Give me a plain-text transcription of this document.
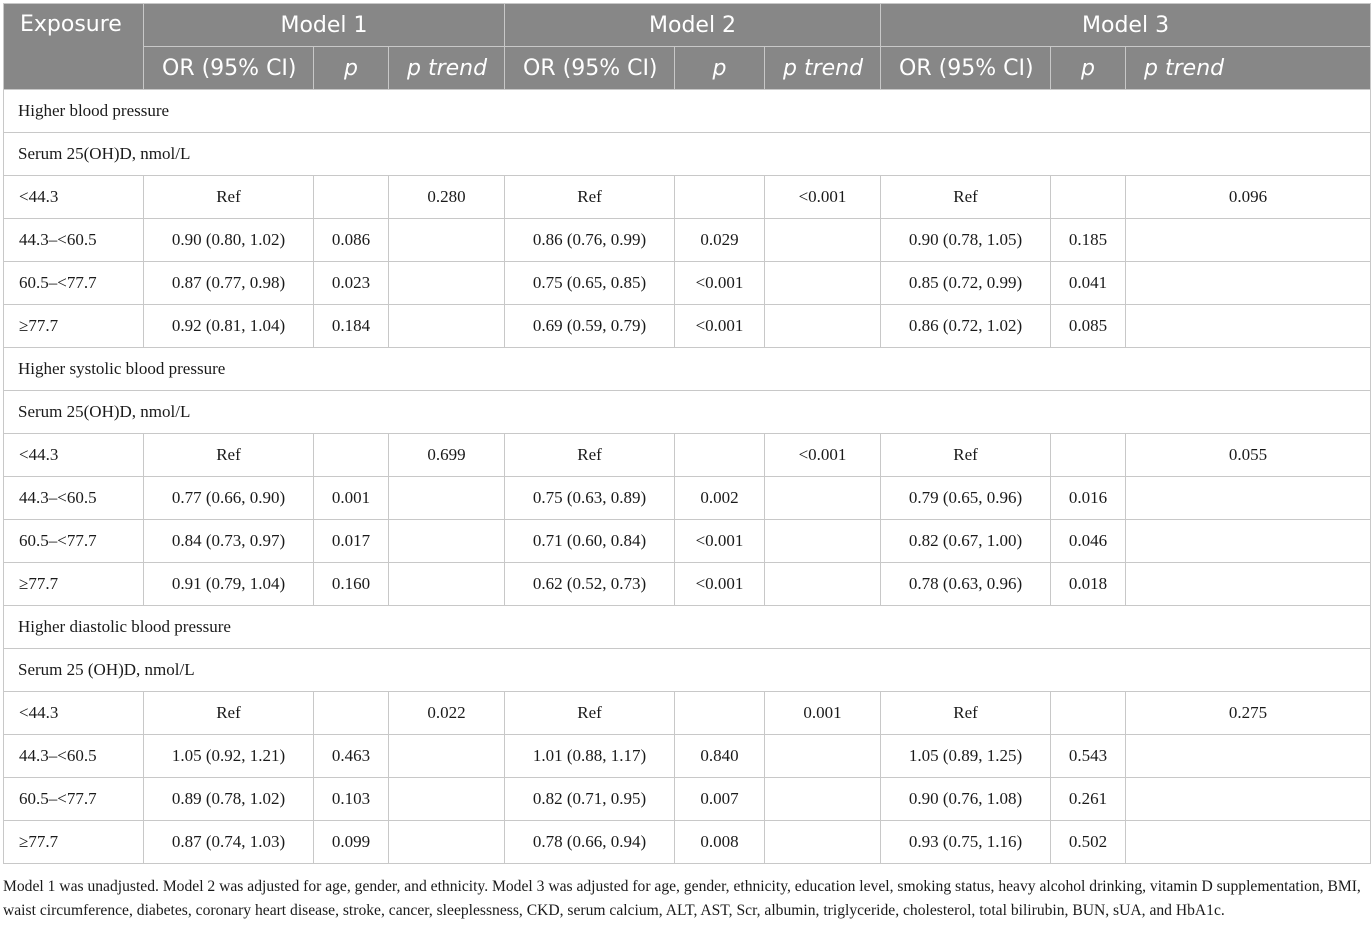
Exposure	Model 1			Model 2			Model 3		
	OR (95% CI)	p	p trend	OR (95% CI)	p	p trend	OR (95% CI)	p	p trend
Higher blood pressure									
Serum 25(OH)D, nmol/L									
<44.3	Ref		0.280	Ref		<0.001	Ref		0.096
44.3–<60.5	0.90 (0.80, 1.02)	0.086		0.86 (0.76, 0.99)	0.029		0.90 (0.78, 1.05)	0.185	
60.5–<77.7	0.87 (0.77, 0.98)	0.023		0.75 (0.65, 0.85)	<0.001		0.85 (0.72, 0.99)	0.041	
≥77.7	0.92 (0.81, 1.04)	0.184		0.69 (0.59, 0.79)	<0.001		0.86 (0.72, 1.02)	0.085	
Higher systolic blood pressure									
Serum 25(OH)D, nmol/L									
<44.3	Ref		0.699	Ref		<0.001	Ref		0.055
44.3–<60.5	0.77 (0.66, 0.90)	0.001		0.75 (0.63, 0.89)	0.002		0.79 (0.65, 0.96)	0.016	
60.5–<77.7	0.84 (0.73, 0.97)	0.017		0.71 (0.60, 0.84)	<0.001		0.82 (0.67, 1.00)	0.046	
≥77.7	0.91 (0.79, 1.04)	0.160		0.62 (0.52, 0.73)	<0.001		0.78 (0.63, 0.96)	0.018	
Higher diastolic blood pressure									
Serum 25 (OH)D, nmol/L									
<44.3	Ref		0.022	Ref		0.001	Ref		0.275
44.3–<60.5	1.05 (0.92, 1.21)	0.463		1.01 (0.88, 1.17)	0.840		1.05 (0.89, 1.25)	0.543	
60.5–<77.7	0.89 (0.78, 1.02)	0.103		0.82 (0.71, 0.95)	0.007		0.90 (0.76, 1.08)	0.261	
≥77.7	0.87 (0.74, 1.03)	0.099		0.78 (0.66, 0.94)	0.008		0.93 (0.75, 1.16)	0.502	
Model 1 was unadjusted. Model 2 was adjusted for age, gender, and ethnicity. Model 3 was adjusted for age, gender, ethnicity, education level, smoking status, heavy alcohol drinking, vitamin D supplementation, BMI, waist circumference, diabetes, coronary heart disease, stroke, cancer, sleeplessness, CKD, serum calcium, ALT, AST, Scr, albumin, triglyceride, cholesterol, total bilirubin, BUN, sUA, and HbA1c.
